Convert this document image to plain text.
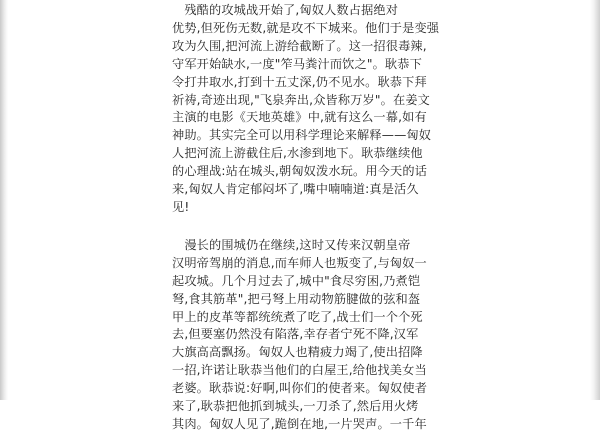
　残酷的攻城战开始了,匈奴人数占据绝对
优势,但死伤无数,就是攻不下城来。他们于是变强
攻为久围,把河流上游给截断了。这一招很毒辣,
守军开始缺水,一度"笮马粪汁而饮之"。耿恭下
令打井取水,打到十五丈深,仍不见水。耿恭下拜
祈祷,奇迹出现,"飞泉奔出,众皆称万岁"。在姜文
主演的电影《天地英雄》中,就有这么一幕,如有
神助。其实完全可以用科学理论来解释——匈奴
人把河流上游截住后,水渗到地下。耿恭继续他
的心理战:站在城头,朝匈奴泼水玩。用今天的话
来,匈奴人肯定郁闷坏了,嘴中喃喃道:真是活久
见!

　漫长的围城仍在继续,这时又传来汉朝皇帝
汉明帝驾崩的消息,而车师人也叛变了,与匈奴一
起攻城。几个月过去了,城中"食尽穷困,乃煮铠
弩,食其筋革",把弓弩上用动物筋腱做的弦和盔
甲上的皮革等都统统煮了吃了,战士们一个个死
去,但要塞仍然没有陷落,幸存者宁死不降,汉军
大旗高高飘扬。匈奴人也精疲力竭了,使出招降
一招,许诺让耿恭当他们的白屋王,给他找美女当
老婆。耿恭说:好啊,叫你们的使者来。匈奴使者
来了,耿恭把他抓到城头,一刀杀了,然后用火烤
其肉。匈奴人见了,跪倒在地,一片哭声。一千年
